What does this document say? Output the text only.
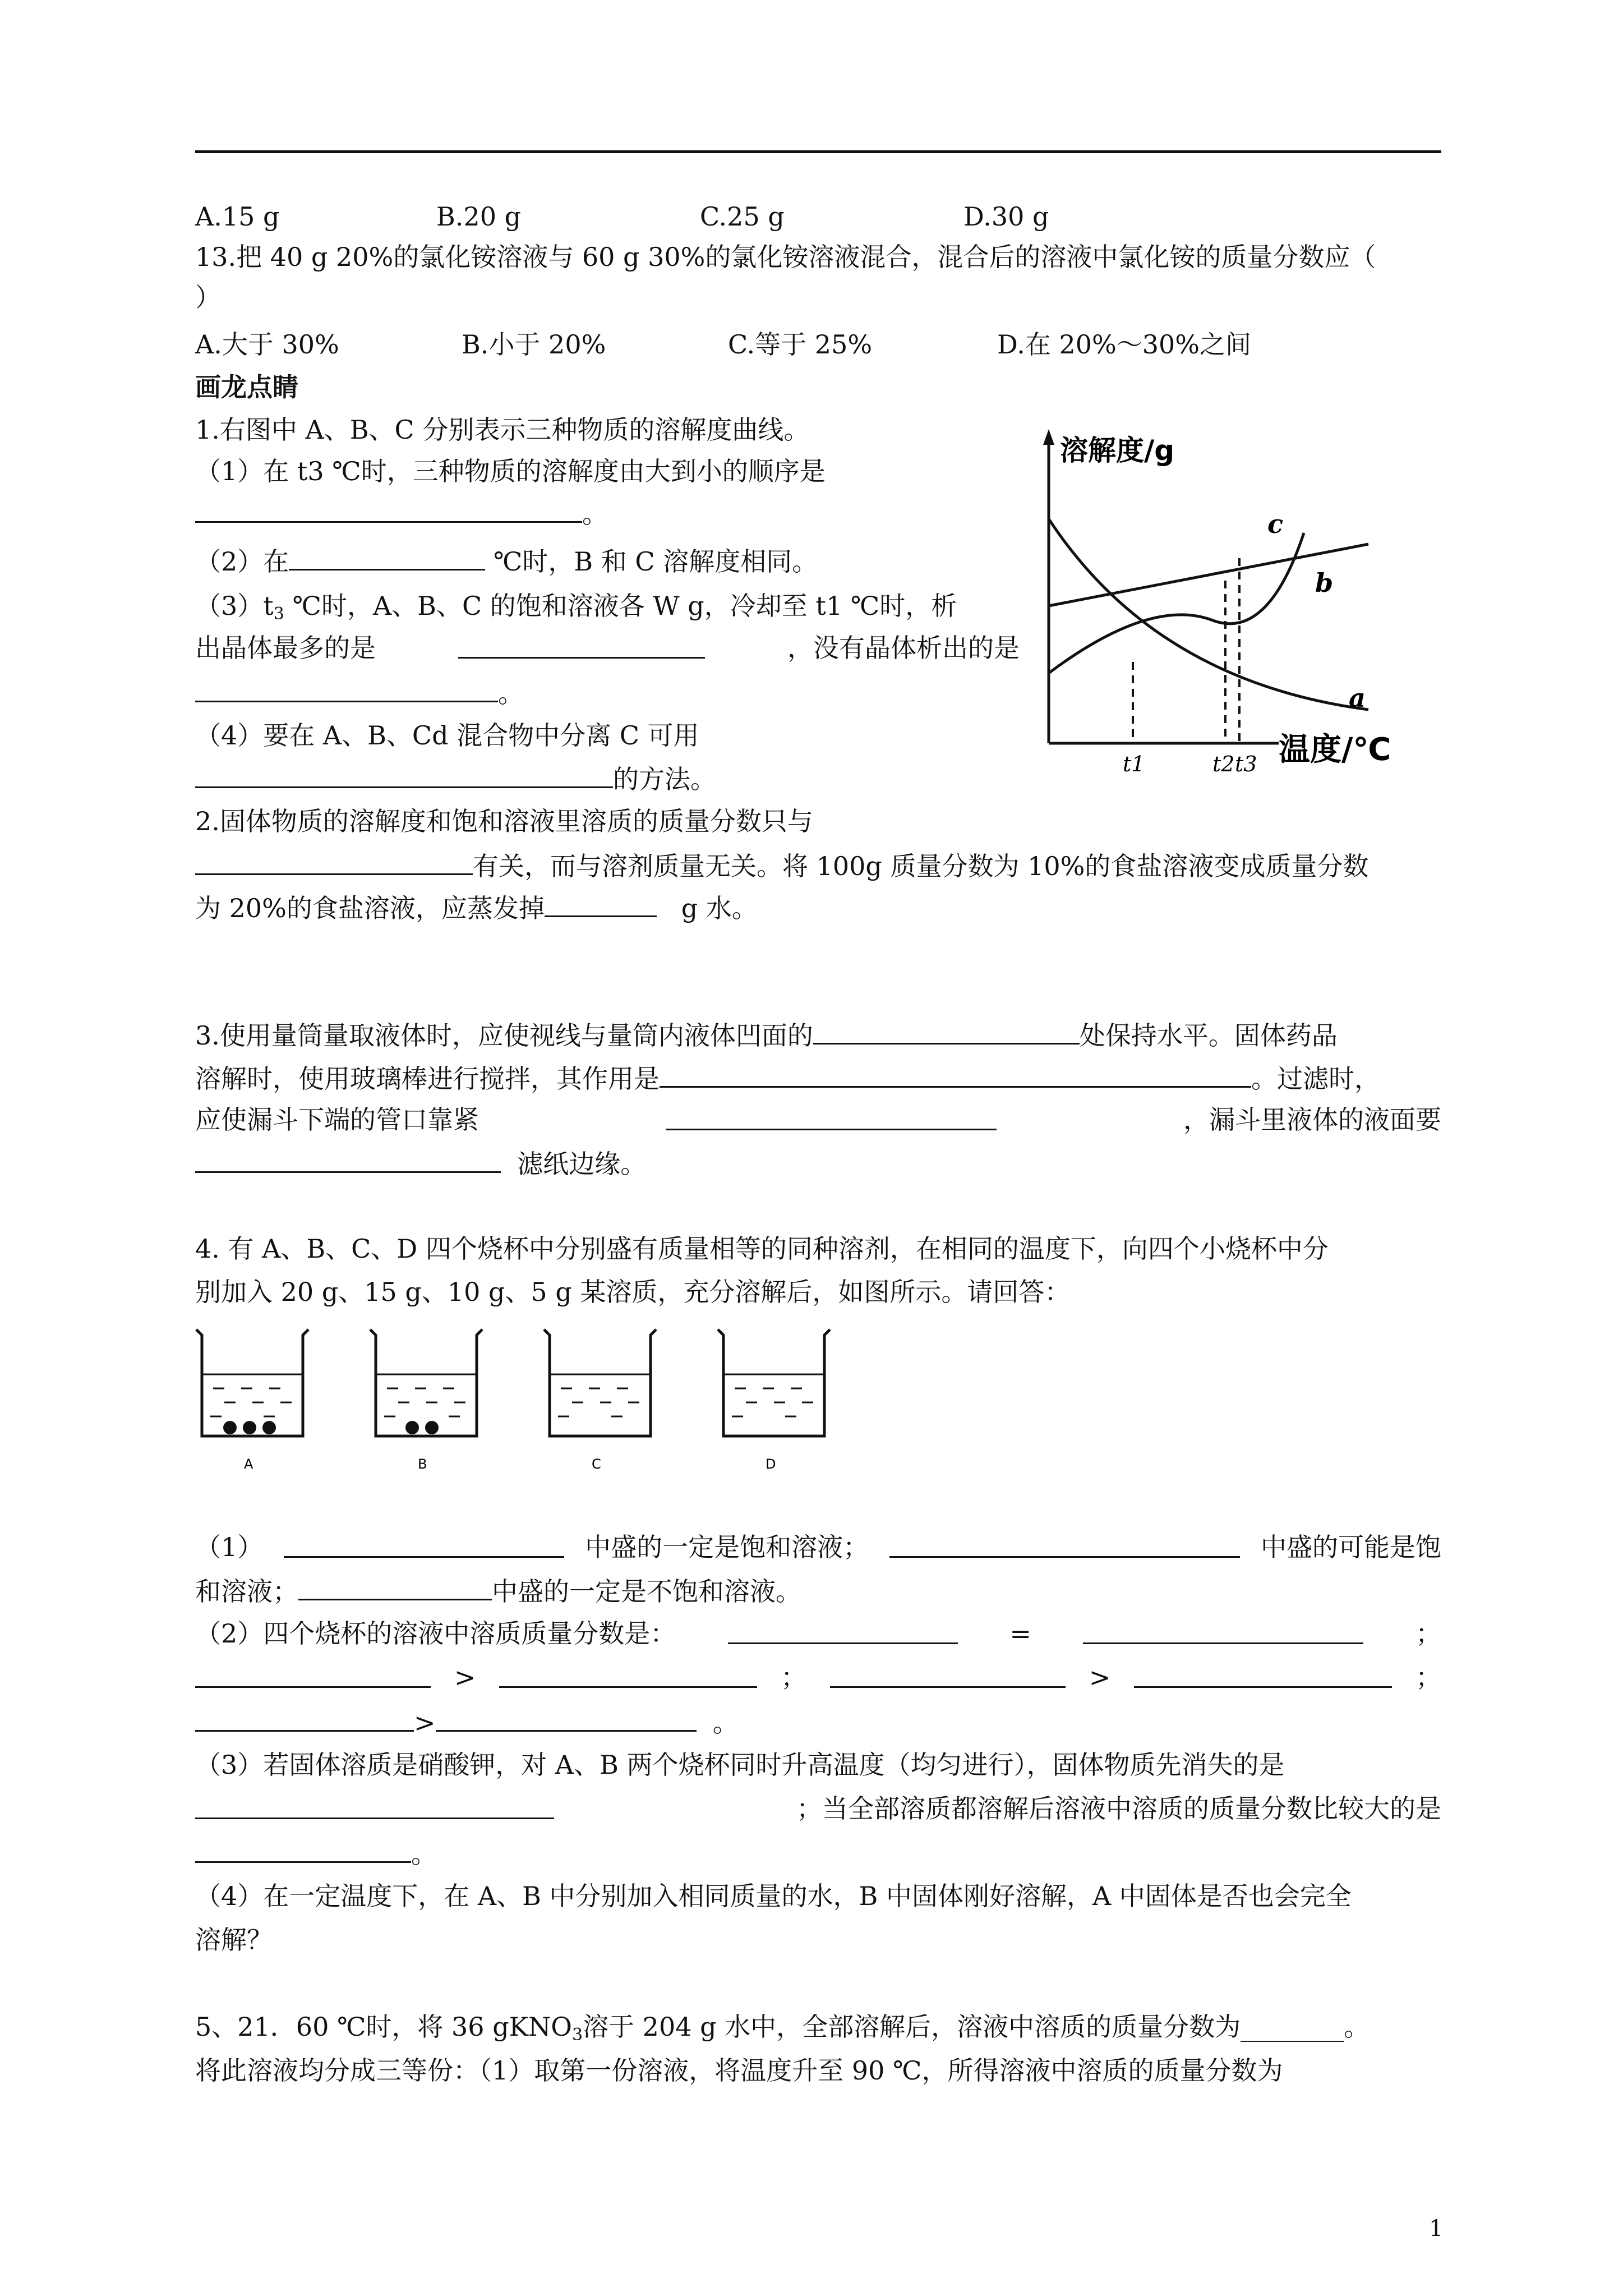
A.15 g	B.20 g	C.25 g	D.30 g
13.把 40 g 20%的氯化铵溶液与 60 g 30%的氯化铵溶液混合，混合后的溶液中氯化铵的质量分数应（
）
A.大于 30%	B.小于 20%	C.等于 25%	D.在 20%～30%之间
画龙点睛
1.右图中 A、B、C 分别表示三种物质的溶解度曲线。
（1）在 t3 ℃时，三种物质的溶解度由大到小的顺序是
。
（2）在	℃时，B 和 C 溶解度相同。
$(3)t_3$ ℃时，A、B、C 的饱和溶液各 W g，冷却至 t1 ℃时，析
出晶体最多的是	，没有晶体析出的是
。
（4）要在 A、B、Cd 混合物中分离 C 可用
的方法。
溶解度/g
a
b
c
t1	t2 t3 温度/℃
2.固体物质的溶解度和饱和溶液里溶质的质量分数只与
有关，而与溶剂质量无关。将 100g 质量分数为 10%的食盐溶液变成质量分数
为 20%的食盐溶液，应蒸发掉	g 水。
3.使用量筒量取液体时，应使视线与量筒内液体凹面的	处保持水平。固体药品
溶解时，使用玻璃棒进行搅拌，其作用是	。过滤时，
应使漏斗下端的管口靠紧	，漏斗里液体的液面要
滤纸边缘。
4. 有 A、B、C、D 四个烧杯中分别盛有质量相等的同种溶剂，在相同的温度下，向四个小烧杯中分
别加入 20 g、15 g、10 g、5 g 某溶质，充分溶解后，如图所示。请回答：
A	B	C	D
（1）	中盛的一定是饱和溶液；	中盛的可能是饱
和溶液；	中盛的一定是不饱和溶液。
（2）四个烧杯的溶液中溶质质量分数是：	=	；
>	；	>	；
>	。
（3）若固体溶质是硝酸钾，对 A、B 两个烧杯同时升高温度（均匀进行），固体物质先消失的是
；当全部溶质都溶解后溶液中溶质的质量分数比较大的是
。
（4）在一定温度下，在 A、B 中分别加入相同质量的水，B 中固体刚好溶解，A 中固体是否也会完全
溶解？
5、21．60 ℃时，将 36 gKNO$_3$溶于 204 g 水中，全部溶解后，溶液中溶质的质量分数为________。
将此溶液均分成三等份：（1）取第一份溶液，将温度升至 90 ℃，所得溶液中溶质的质量分数为
1
